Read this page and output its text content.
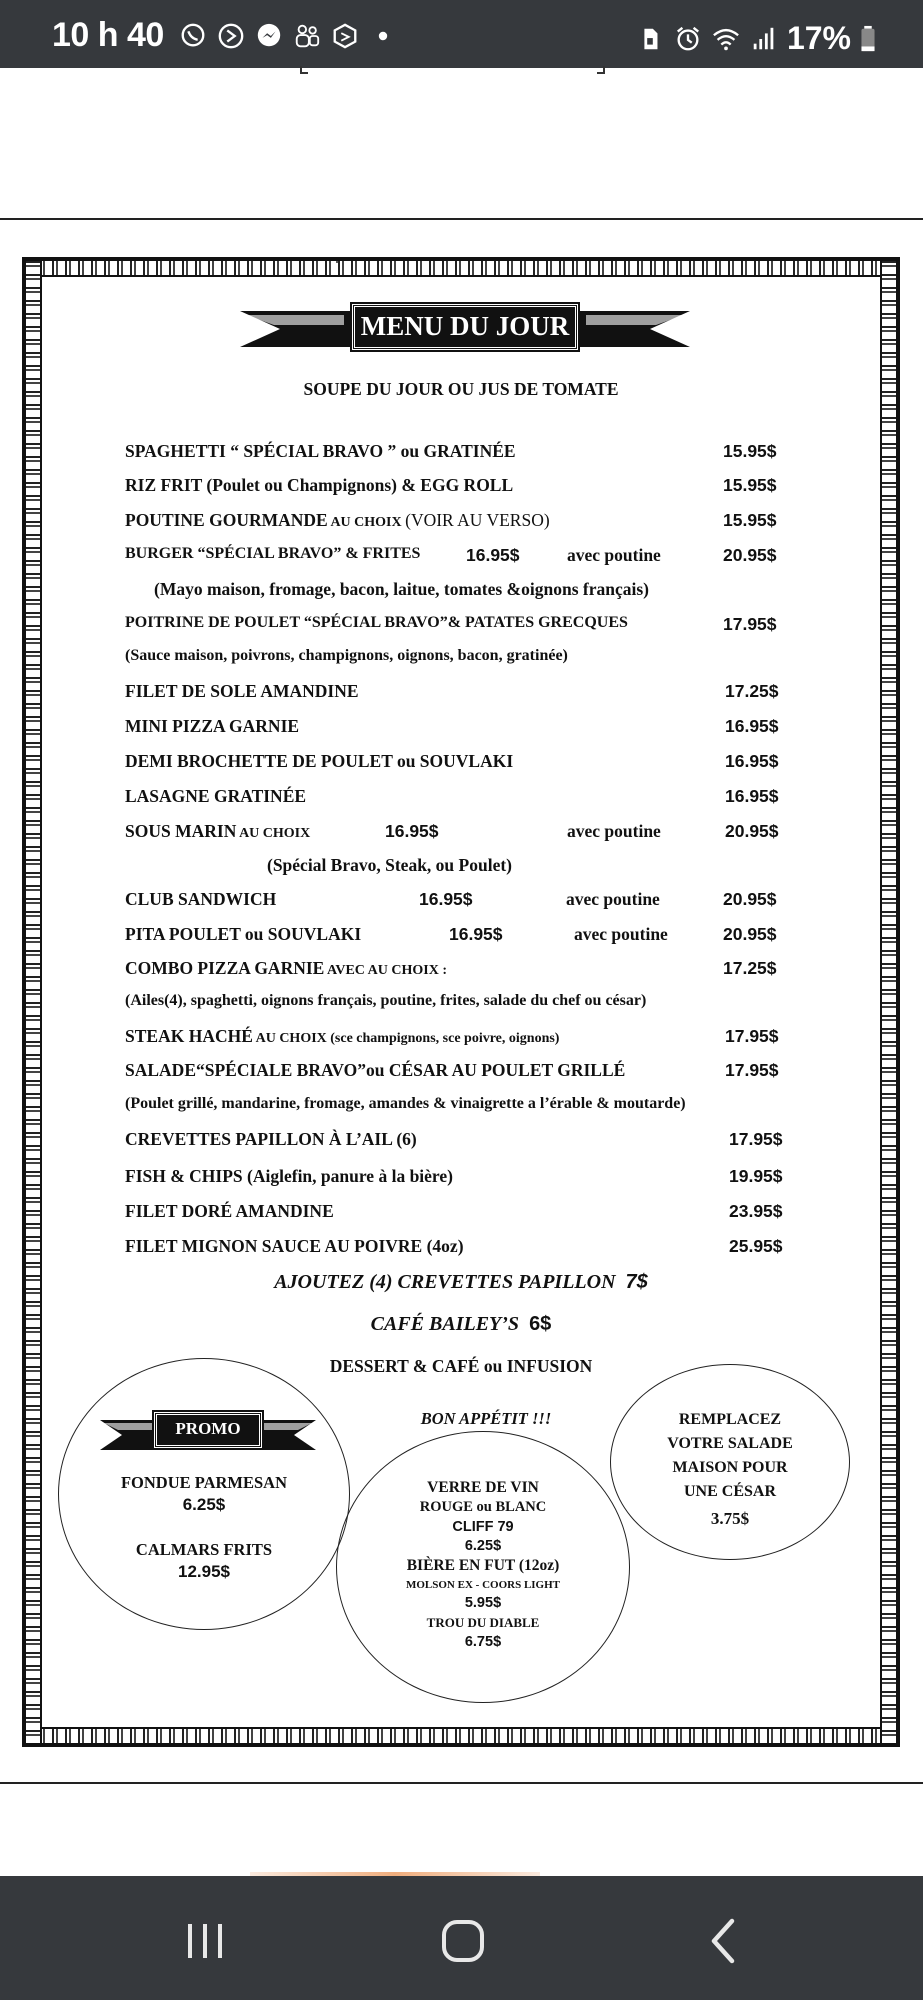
10 h 40	17%
MENU DU JOUR
SOUPE DU JOUR OU JUS DE TOMATE
SPAGHETTI “ SPÉCIAL BRAVO ” ou GRATINÉE	15.95$
RIZ FRIT (Poulet ou Champignons) & EGG ROLL	15.95$
POUTINE GOURMANDE AU CHOIX (VOIR AU VERSO)	15.95$
BURGER “SPÉCIAL BRAVO” & FRITES	16.95$	avec poutine	20.95$
(Mayo maison, fromage, bacon, laitue, tomates &oignons français)
POITRINE DE POULET “SPÉCIAL BRAVO”& PATATES GRECQUES	17.95$
(Sauce maison, poivrons, champignons, oignons, bacon, gratinée)
FILET DE SOLE AMANDINE	17.25$
MINI PIZZA GARNIE	16.95$
DEMI BROCHETTE DE POULET ou SOUVLAKI	16.95$
LASAGNE GRATINÉE	16.95$
SOUS MARIN AU CHOIX	16.95$	avec poutine	20.95$
(Spécial Bravo, Steak, ou Poulet)
CLUB SANDWICH	16.95$	avec poutine	20.95$
PITA POULET ou SOUVLAKI	16.95$	avec poutine	20.95$
COMBO PIZZA GARNIE AVEC AU CHOIX :	17.25$
(Ailes(4), spaghetti, oignons français, poutine, frites, salade du chef ou césar)
STEAK HACHÉ AU CHOIX (sce champignons, sce poivre, oignons)	17.95$
SALADE“SPÉCIALE BRAVO”ou CÉSAR AU POULET GRILLÉ	17.95$
(Poulet grillé, mandarine, fromage, amandes & vinaigrette a l’érable & moutarde)
CREVETTES PAPILLON À L’AIL (6)	17.95$
FISH & CHIPS (Aiglefin, panure à la bière)	19.95$
FILET DORÉ AMANDINE	23.95$
FILET MIGNON SAUCE AU POIVRE (4oz)	25.95$
AJOUTEZ (4) CREVETTES PAPILLON 7$
CAFÉ BAILEY’S 6$
DESSERT & CAFÉ ou INFUSION
PROMO
FONDUE PARMESAN
6.25$
CALMARS FRITS
12.95$
BON APPÉTIT !!!
VERRE DE VIN
ROUGE ou BLANC
CLIFF 79
6.25$
BIÈRE EN FUT (12oz)
MOLSON EX - COORS LIGHT
5.95$
TROU DU DIABLE
6.75$
REMPLACEZ
VOTRE SALADE
MAISON POUR
UNE CÉSAR
3.75$
